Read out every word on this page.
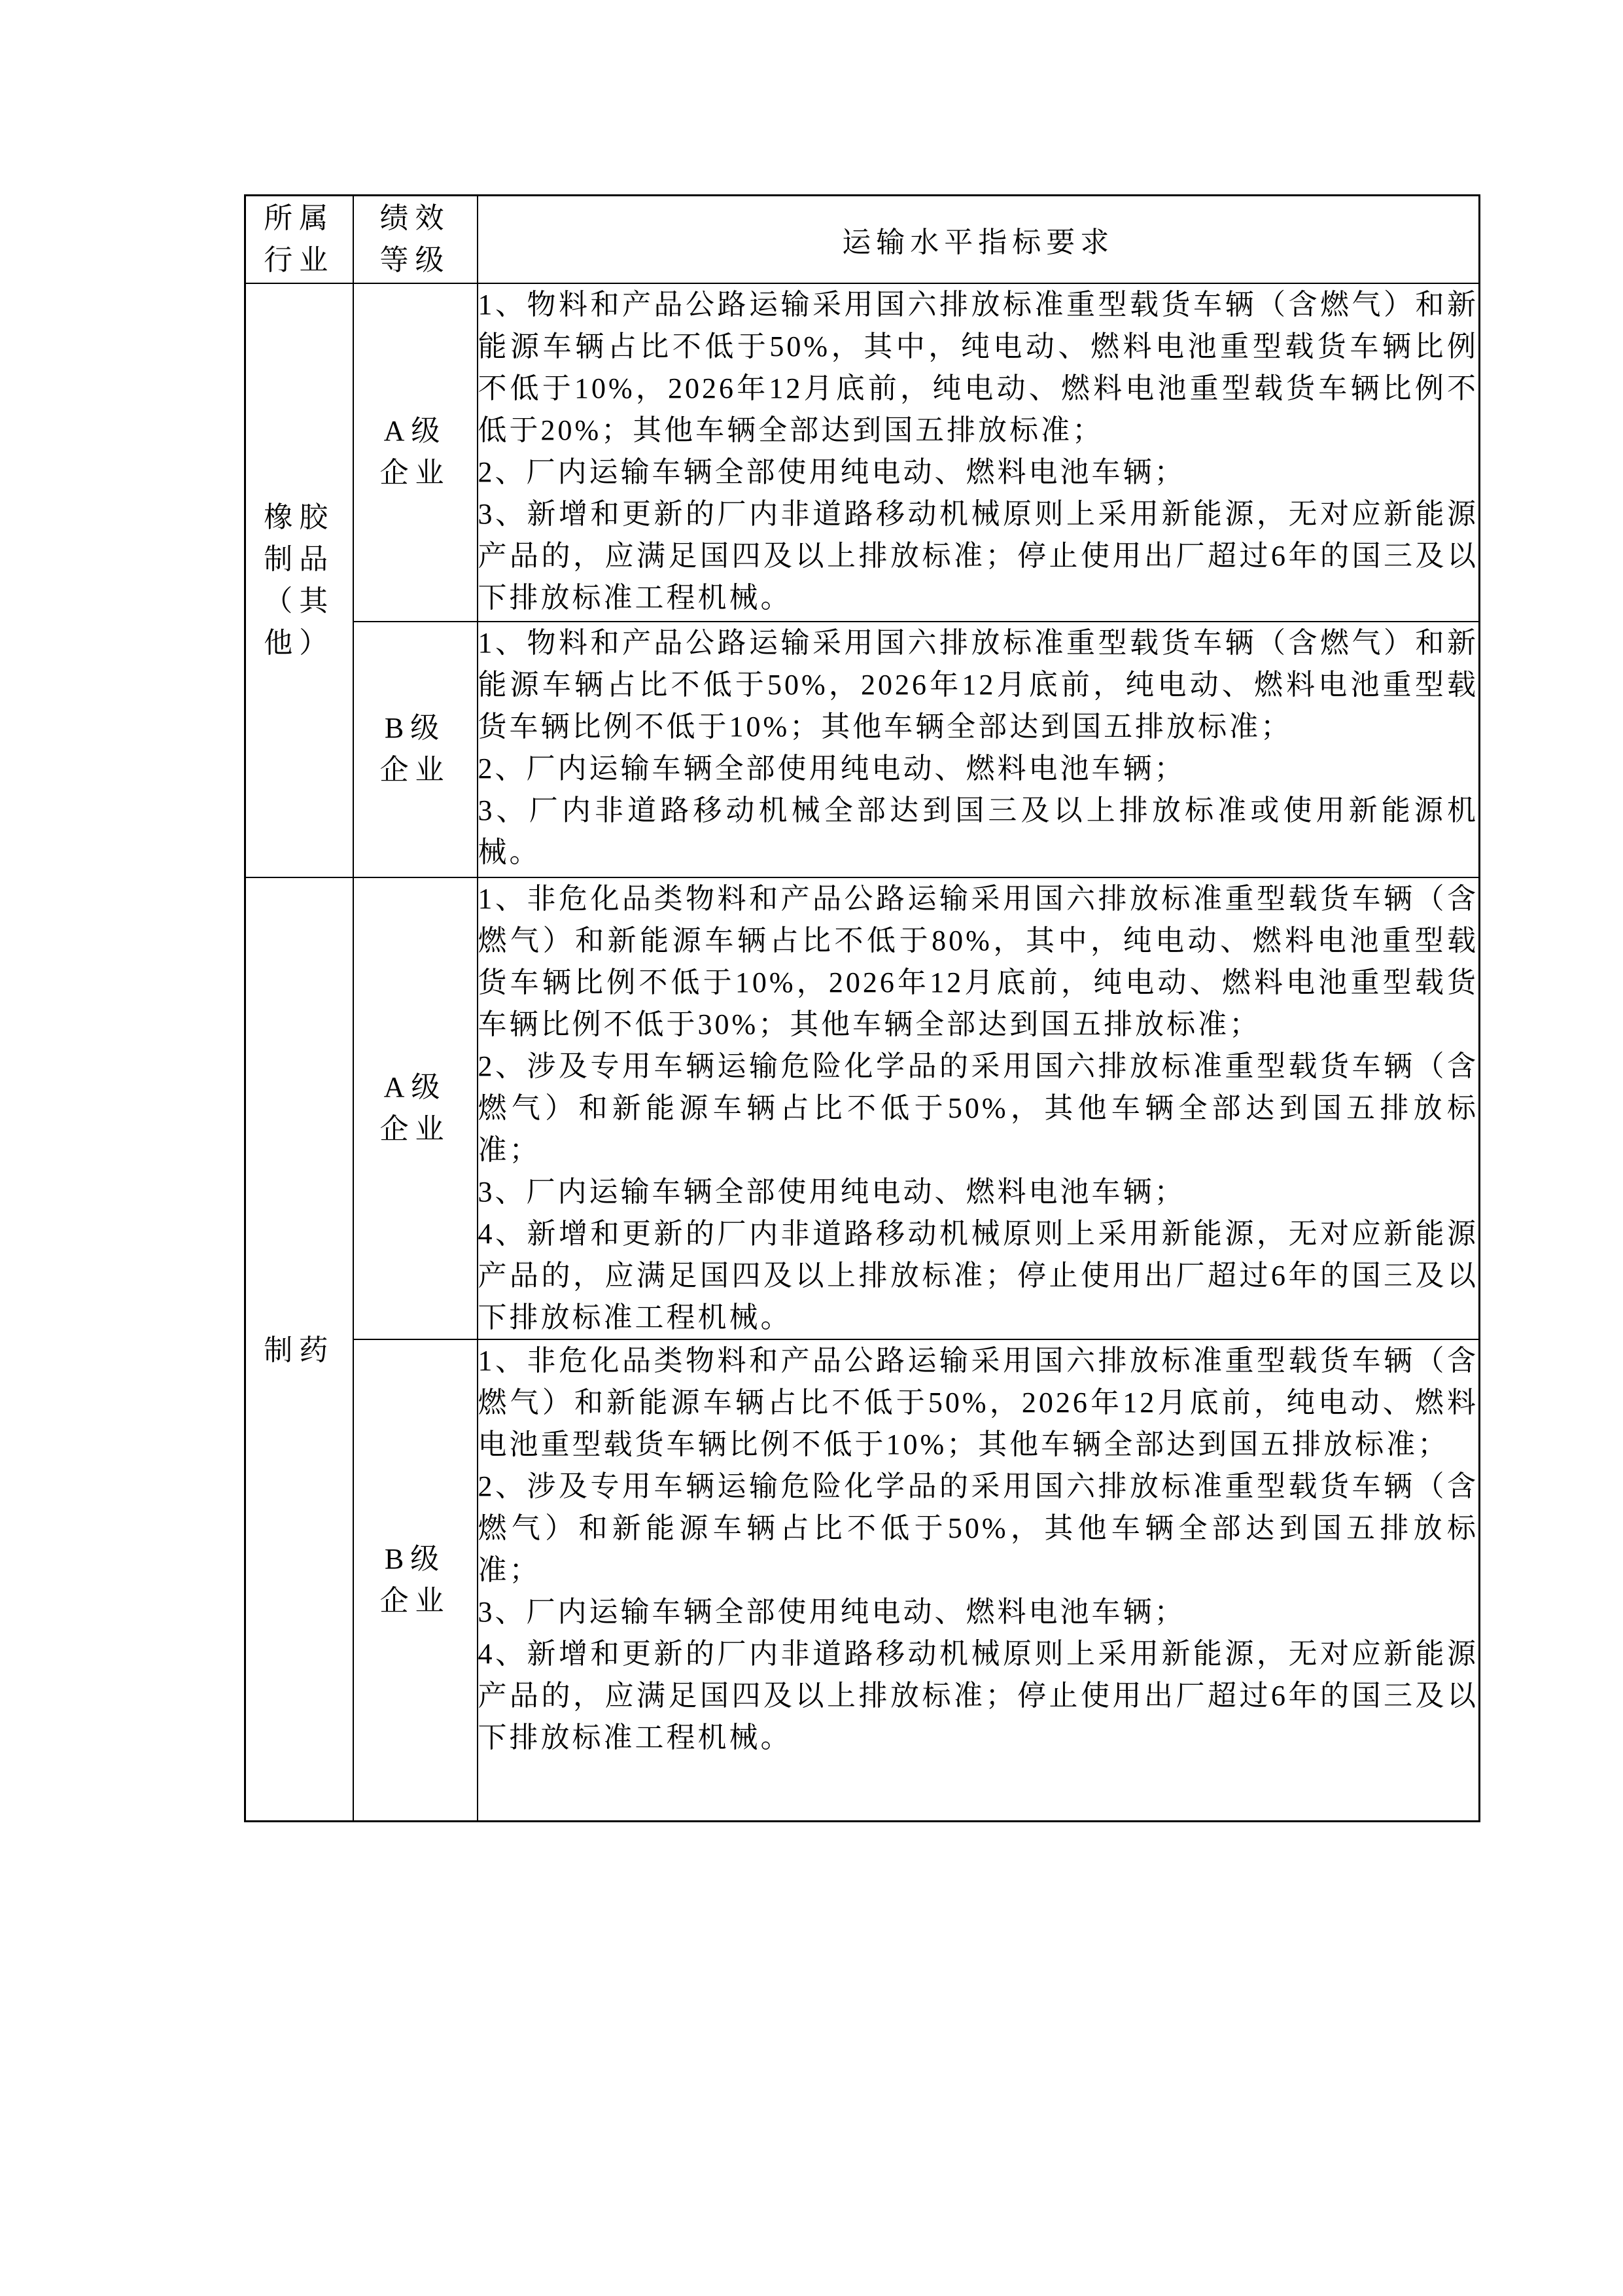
所属行业	绩效等级	运输水平指标要求
橡胶制品（其他）	A级企业	1、物料和产品公路运输采用国六排放标准重型载货车辆（含燃气）和新能源车辆占比不低于50%，其中，纯电动、燃料电池重型载货车辆比例不低于10%，2026年12月底前，纯电动、燃料电池重型载货车辆比例不低于20%；其他车辆全部达到国五排放标准；

2、厂内运输车辆全部使用纯电动、燃料电池车辆；

3、新增和更新的厂内非道路移动机械原则上采用新能源，无对应新能源产品的，应满足国四及以上排放标准；停止使用出厂超过6年的国三及以下排放标准工程机械。

	B级企业	1、物料和产品公路运输采用国六排放标准重型载货车辆（含燃气）和新能源车辆占比不低于50%，2026年12月底前，纯电动、燃料电池重型载货车辆比例不低于10%；其他车辆全部达到国五排放标准；

2、厂内运输车辆全部使用纯电动、燃料电池车辆；

3、厂内非道路移动机械全部达到国三及以上排放标准或使用新能源机械。

制药	A级企业	1、非危化品类物料和产品公路运输采用国六排放标准重型载货车辆（含燃气）和新能源车辆占比不低于80%，其中，纯电动、燃料电池重型载货车辆比例不低于10%，2026年12月底前，纯电动、燃料电池重型载货车辆比例不低于30%；其他车辆全部达到国五排放标准；

2、涉及专用车辆运输危险化学品的采用国六排放标准重型载货车辆（含燃气）和新能源车辆占比不低于50%，其他车辆全部达到国五排放标准；

3、厂内运输车辆全部使用纯电动、燃料电池车辆；

4、新增和更新的厂内非道路移动机械原则上采用新能源，无对应新能源产品的，应满足国四及以上排放标准；停止使用出厂超过6年的国三及以下排放标准工程机械。

	B级企业	1、非危化品类物料和产品公路运输采用国六排放标准重型载货车辆（含燃气）和新能源车辆占比不低于50%，2026年12月底前，纯电动、燃料电池重型载货车辆比例不低于10%；其他车辆全部达到国五排放标准；

2、涉及专用车辆运输危险化学品的采用国六排放标准重型载货车辆（含燃气）和新能源车辆占比不低于50%，其他车辆全部达到国五排放标准；

3、厂内运输车辆全部使用纯电动、燃料电池车辆；

4、新增和更新的厂内非道路移动机械原则上采用新能源，无对应新能源产品的，应满足国四及以上排放标准；停止使用出厂超过6年的国三及以下排放标准工程机械。
